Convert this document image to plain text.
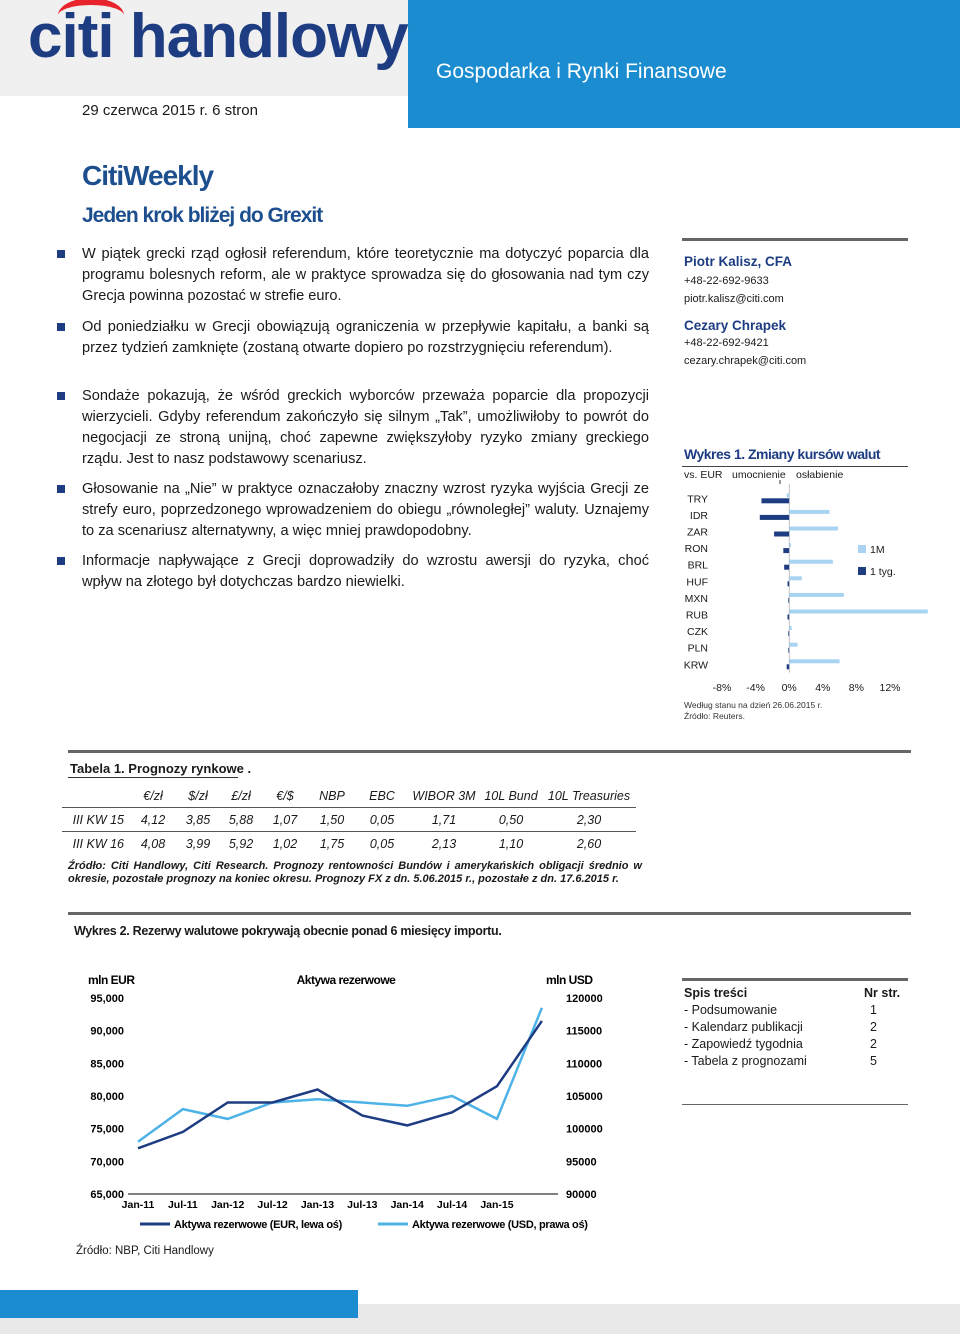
citi handlowy
Gospodarka i Rynki Finansowe
29 czerwca 2015 r. 6 stron
CitiWeekly
Jeden krok bliżej do Grexit
W piątek grecki rząd ogłosił referendum, które teoretycznie ma dotyczyć poparcia dla programu bolesnych reform, ale w praktyce sprowadza się do głosowania nad tym czy Grecja powinna pozostać w strefie euro.
Od poniedziałku w Grecji obowiązują ograniczenia w przepływie kapitału, a banki są przez tydzień zamknięte (zostaną otwarte dopiero po rozstrzygnięciu referendum).
Sondaże pokazują, że wśród greckich wyborców przeważa poparcie dla propozycji wierzycieli. Gdyby referendum zakończyło się silnym „Tak”, umożliwiłoby to powrót do negocjacji ze stroną unijną, choć zapewne zwiększyłoby ryzyko zmiany greckiego rządu. Jest to nasz podstawowy scenariusz.
Głosowanie na „Nie” w praktyce oznaczałoby znaczny wzrost ryzyka wyjścia Grecji ze strefy euro, poprzedzonego wprowadzeniem do obiegu „równoległej” waluty. Uznajemy to za scenariusz alternatywny, a więc mniej prawdopodobny.
Informacje napływające z Grecji doprowadziły do wzrostu awersji do ryzyka, choć wpływ na złotego był dotychczas bardzo niewielki.
Piotr Kalisz, CFA
+48-22-692-9633
piotr.kalisz@citi.com
Cezary Chrapek
+48-22-692-9421
cezary.chrapek@citi.com
Wykres 1. Zmiany kursów walut
vs. EUR umocnienie osłabienie
TRY
IDR
ZAR
RON
BRL
HUF
MXN
RUB
CZK
PLN
KRW
1M
1 tyg.
-8% -4% 0% 4% 8% 12%
Według stanu na dzień 26.06.2015 r.
Źródło: Reuters.
Tabela 1. Prognozy rynkowe .
	€/zł	$/zł	£/zł	€/$	NBP	EBC	WIBOR 3M	10L Bund	10L Treasuries
III KW 15	4,12	3,85	5,88	1,07	1,50	0,05	1,71	0,50	2,30
III KW 16	4,08	3,99	5,92	1,02	1,75	0,05	2,13	1,10	2,60
Źródło: Citi Handlowy, Citi Research. Prognozy rentowności Bundów i amerykańskich obligacji średnio w okresie, pozostałe prognozy na koniec okresu. Prognozy FX z dn. 5.06.2015 r., pozostałe z dn. 17.6.2015 r.
Wykres 2. Rezerwy walutowe pokrywają obecnie ponad 6 miesięcy importu.
mln EUR	Aktywa rezerwowe	mln USD
95,000
90,000
85,000
80,000
75,000
70,000
65,000
120000
115000
110000
105000
100000
95000
90000
Jan-11 Jul-11 Jan-12 Jul-12 Jan-13 Jul-13 Jan-14 Jul-14 Jan-15
Aktywa rezerwowe (EUR, lewa oś)	Aktywa rezerwowe (USD, prawa oś)
Źródło: NBP, Citi Handlowy
Spis treści	Nr str.
- Podsumowanie	1
- Kalendarz publikacji	2
- Zapowiedź tygodnia	2
- Tabela z prognozami	5
